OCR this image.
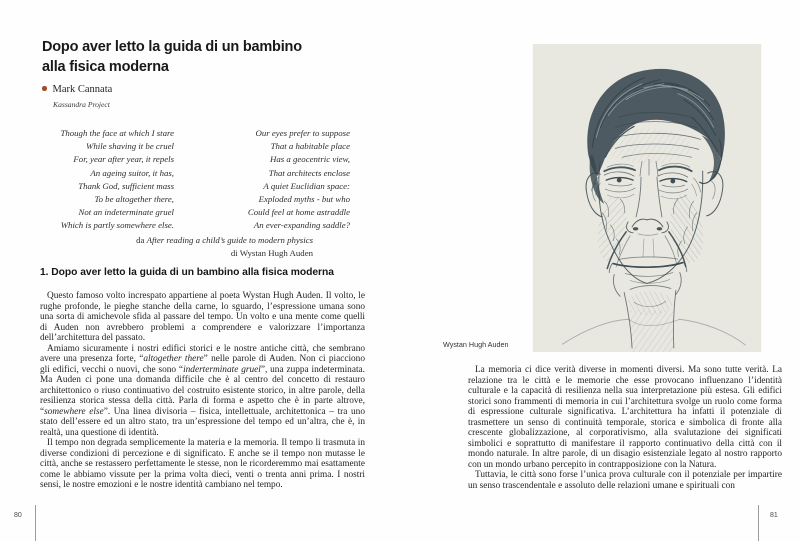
Dopo aver letto la guida di un bambino
alla fisica moderna
Mark Cannata
Kassandra Project
Though the face at which I stare
While shaving it be cruel
For, year after year, it repels
An ageing suitor, it has,
Thank God, sufficient mass
To be altogether there,
Not an indeterminate gruel
Which is partly somewhere else.
Our eyes prefer to suppose
That a habitable place
Has a geocentric view,
That architects enclose
A quiet Euclidian space:
Exploded myths - but who
Could feel at home astraddle
An ever-expanding saddle?
da After reading a child’s guide to modern physics
di Wystan Hugh Auden
1. Dopo aver letto la guida di un bambino alla fisica moderna

Questo famoso volto increspato appartiene al poeta Wystan Hugh Auden. Il volto, le rughe profonde, le pieghe stanche della carne, lo sguardo, l’espressione umana sono una sorta di amichevole sfida al passare del tempo. Un volto e una mente come quelli di Auden non avrebbero problemi a comprendere e valorizzare l’importanza dell’architettura del passato.

Amiamo sicuramente i nostri edifici storici e le nostre antiche città, che sembrano avere una presenza forte, “altogether there” nelle parole di Auden. Non ci piacciono gli edifici, vecchi o nuovi, che sono “inderterminate gruel”, una zuppa indeterminata. Ma Auden ci pone una domanda difficile che è al centro del concetto di restauro architettonico o riuso continuativo del costruito esistente storico, in altre parole, della resilienza storica stessa della città. Parla di forma e aspetto che è in parte altrove, “somewhere else”. Una linea divisoria – fisica, intellettuale, architettonica – tra uno stato dell’essere ed un altro stato, tra un’espressione del tempo ed un’altra, che è, in realtà, una questione di identità.

Il tempo non degrada semplicemente la materia e la memoria. Il tempo li trasmuta in diverse condizioni di percezione e di significato. E anche se il tempo non mutasse le città, anche se restassero perfettamente le stesse, non le ricorderemmo mai esattamente come le abbiamo vissute per la prima volta dieci, venti o trenta anni prima. I nostri sensi, le nostre emozioni e le nostre identità cambiano nel tempo.

80
Wystan Hugh Auden

La memoria ci dice verità diverse in momenti diversi. Ma sono tutte verità. La relazione tra le città e le memorie che esse provocano influenzano l’identità culturale e la capacità di resilienza nella sua interpretazione più estesa. Gli edifici storici sono frammenti di memoria in cui l’architettura svolge un ruolo come forma di espressione culturale significativa. L’architettura ha infatti il potenziale di trasmettere un senso di continuità temporale, storica e simbolica di fronte alla crescente globalizzazione, al corporativismo, alla svalutazione dei significati simbolici e soprattutto di manifestare il rapporto continuativo della città con il mondo naturale. In altre parole, di un disagio esistenziale legato al nostro rapporto con un mondo urbano percepito in contrapposizione con la Natura.

Tuttavia, le città sono forse l’unica prova culturale con il potenziale per impartire un senso trascendentale e assoluto delle relazioni umane e spirituali con

81
